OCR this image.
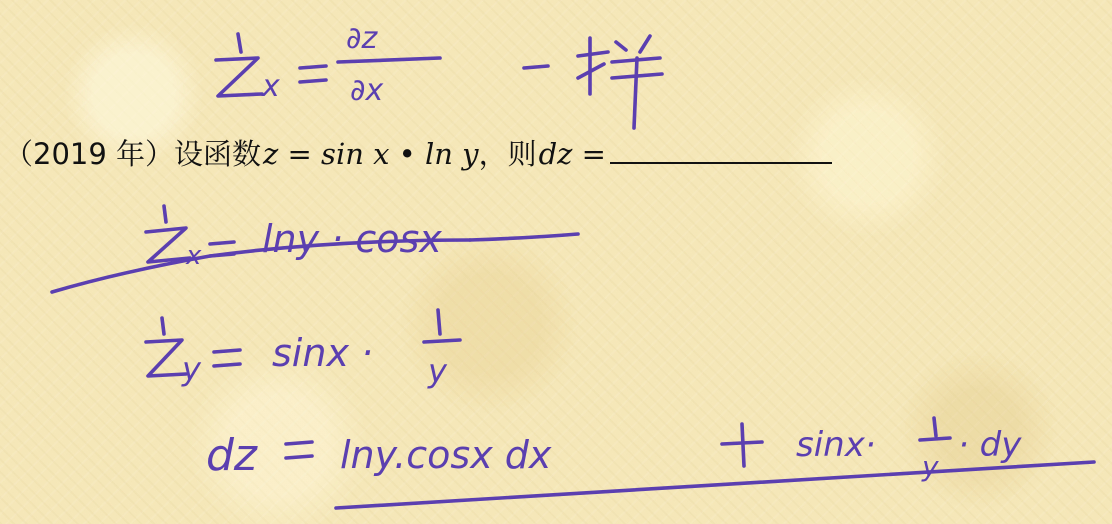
（2019 年） 设函数 z = sin x • ln y ，则 dz =
x
∂z
∂x
x lny · cosx
y sinx · y
dz lny.cosx dx	sinx·
y
· dy
